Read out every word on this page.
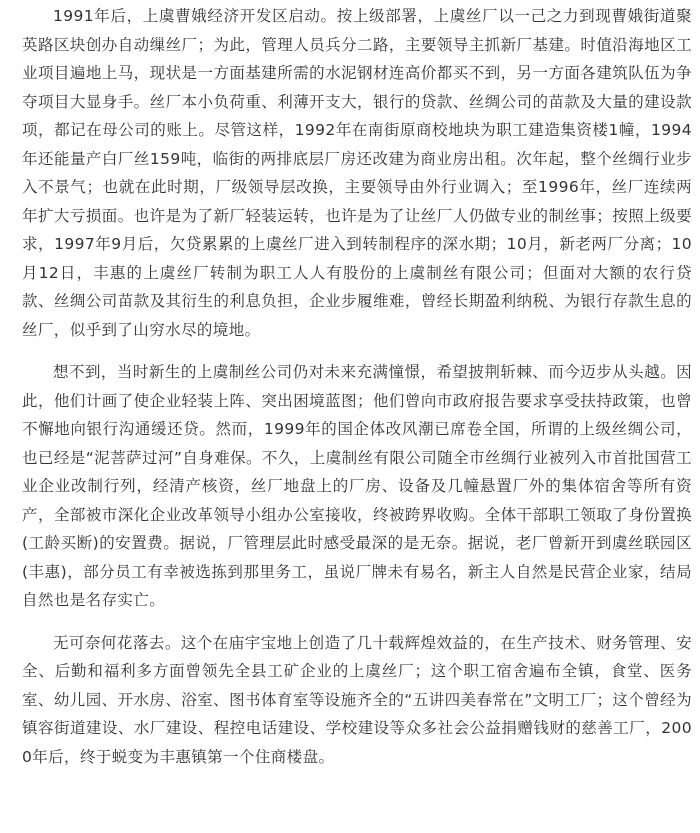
1991年后，上虞曹娥经济开发区启动。按上级部署，上虞丝厂以一己之力到现曹娥街道聚英路区块创办自动缫丝厂；为此，管理人员兵分二路，主要领导主抓新厂基建。时值沿海地区工业项目遍地上马，现状是一方面基建所需的水泥钢材连高价都买不到，另一方面各建筑队伍为争夺项目大显身手。丝厂本小负荷重、利薄开支大，银行的贷款、丝绸公司的苗款及大量的建设款项，都记在母公司的账上。尽管这样，1992年在南街原商校地块为职工建造集资楼1幢，1994年还能量产白厂丝159吨，临街的两排底层厂房还改建为商业房出租。次年起，整个丝绸行业步入不景气；也就在此时期，厂级领导层改换，主要领导由外行业调入；至1996年，丝厂连续两年扩大亏损面。也许是为了新厂轻装运转，也许是为了让丝厂人仍做专业的制丝事；按照上级要求，1997年9月后，欠贷累累的上虞丝厂进入到转制程序的深水期；10月，新老两厂分离；10月12日，丰惠的上虞丝厂转制为职工人人有股份的上虞制丝有限公司；但面对大额的农行贷款、丝绸公司苗款及其衍生的利息负担，企业步履维难，曾经长期盈利纳税、为银行存款生息的丝厂，似乎到了山穷水尽的境地。

想不到，当时新生的上虞制丝公司仍对未来充满憧憬，希望披荆斩棘、而今迈步从头越。因此，他们计画了使企业轻装上阵、突出困境蓝图；他们曾向市政府报告要求享受扶持政策，也曾不懈地向银行沟通缓还贷。然而，1999年的国企体改风潮已席卷全国，所谓的上级丝绸公司，也已经是“泥菩萨过河”自身难保。不久，上虞制丝有限公司随全市丝绸行业被列入市首批国营工业企业改制行列，经清产核资，丝厂地盘上的厂房、设备及几幢悬置厂外的集体宿舍等所有资产，全部被市深化企业改革领导小组办公室接收，终被跨界收购。全体干部职工领取了身份置换(工龄买断)的安置费。据说，厂管理层此时感受最深的是无奈。据说，老厂曾新开到虞丝联园区(丰惠)，部分员工有幸被选拣到那里务工，虽说厂牌未有易名，新主人自然是民营企业家，结局自然也是名存实亡。

无可奈何花落去。这个在庙宇宝地上创造了几十载辉煌效益的，在生产技术、财务管理、安全、后勤和福利多方面曾领先全县工矿企业的上虞丝厂；这个职工宿舍遍布全镇，食堂、医务室、幼儿园、开水房、浴室、图书体育室等设施齐全的“五讲四美春常在”文明工厂；这个曾经为镇容街道建设、水厂建设、程控电话建设、学校建设等众多社会公益捐赠钱财的慈善工厂，2000年后，终于蜕变为丰惠镇第一个住商楼盘。
